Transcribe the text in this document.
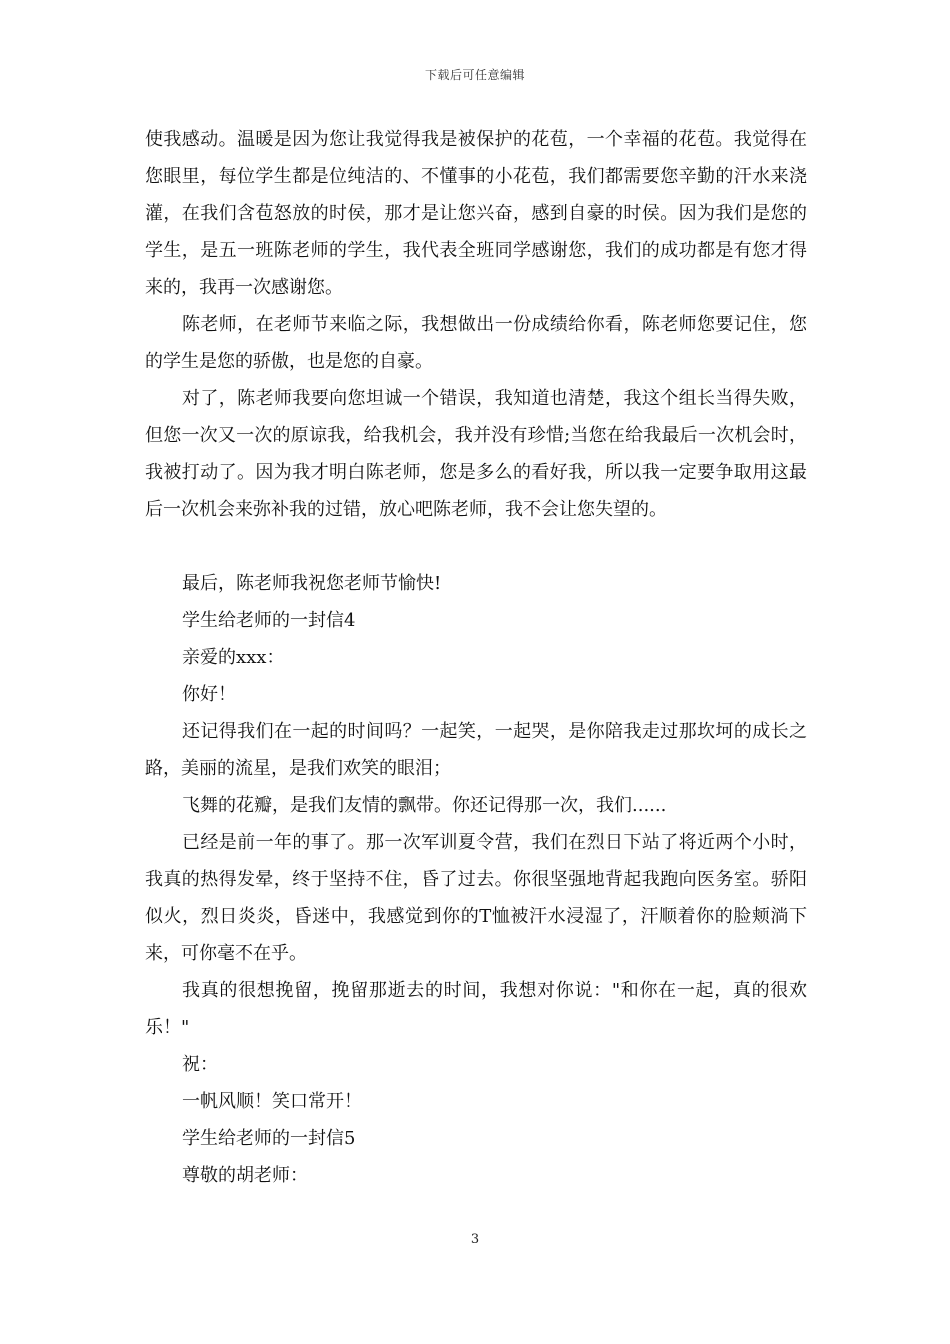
下载后可任意编辑

使我感动。温暖是因为您让我觉得我是被保护的花苞，一个幸福的花苞。我觉得在您眼里，每位学生都是位纯洁的、不懂事的小花苞，我们都需要您辛勤的汗水来浇灌，在我们含苞怒放的时侯，那才是让您兴奋，感到自豪的时侯。因为我们是您的学生，是五一班陈老师的学生，我代表全班同学感谢您，我们的成功都是有您才得来的，我再一次感谢您。

陈老师，在老师节来临之际，我想做出一份成绩给你看，陈老师您要记住，您的学生是您的骄傲，也是您的自豪。

对了，陈老师我要向您坦诚一个错误，我知道也清楚，我这个组长当得失败，但您一次又一次的原谅我，给我机会，我并没有珍惜;当您在给我最后一次机会时，我被打动了。因为我才明白陈老师，您是多么的看好我，所以我一定要争取用这最后一次机会来弥补我的过错，放心吧陈老师，我不会让您失望的。

最后，陈老师我祝您老师节愉快!

学生给老师的一封信4

亲爱的xxx：

你好！

还记得我们在一起的时间吗？一起笑，一起哭，是你陪我走过那坎坷的成长之路，美丽的流星，是我们欢笑的眼泪；

飞舞的花瓣，是我们友情的飘带。你还记得那一次，我们......

已经是前一年的事了。那一次军训夏令营，我们在烈日下站了将近两个小时，我真的热得发晕，终于坚持不住，昏了过去。你很坚强地背起我跑向医务室。骄阳似火，烈日炎炎，昏迷中，我感觉到你的T恤被汗水浸湿了，汗顺着你的脸颊淌下来，可你毫不在乎。

我真的很想挽留，挽留那逝去的时间，我想对你说："和你在一起，真的很欢乐！"

祝：

一帆风顺！笑口常开！

学生给老师的一封信5

尊敬的胡老师：

3
